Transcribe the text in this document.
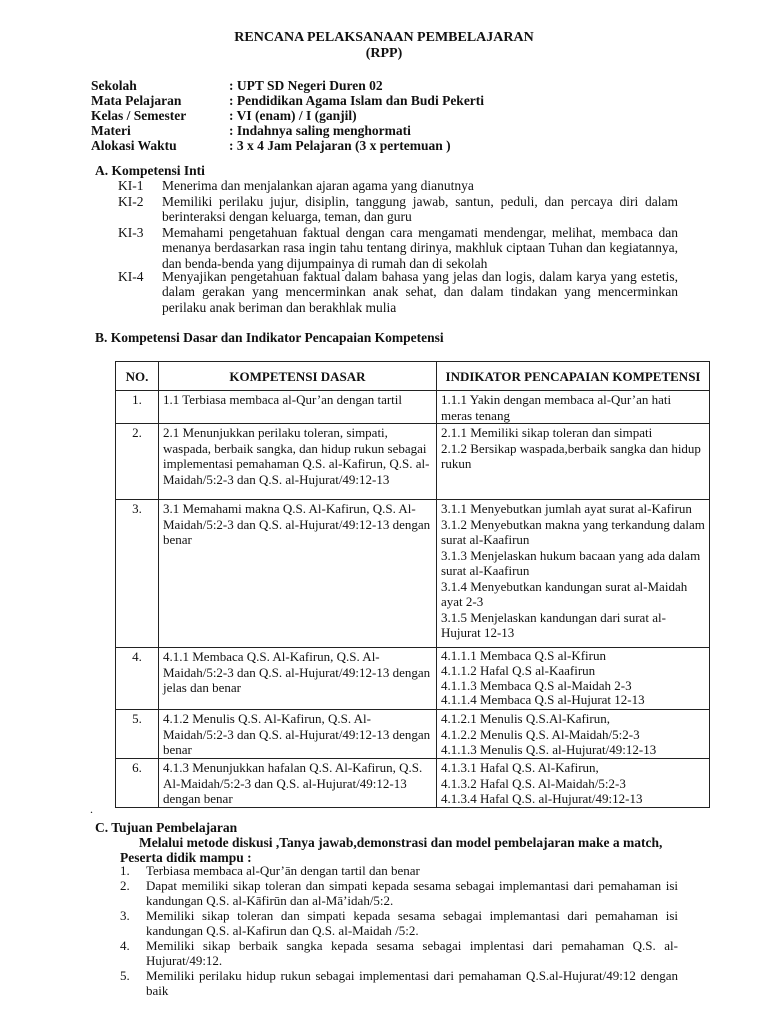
RENCANA PELAKSANAAN PEMBELAJARAN
(RPP)
Sekolah	: UPT SD Negeri Duren 02
Mata Pelajaran	: Pendidikan Agama Islam dan Budi Pekerti
Kelas / Semester	: VI (enam) / I (ganjil)
Materi	: Indahnya saling menghormati
Alokasi Waktu	: 3 x 4 Jam Pelajaran (3 x pertemuan )
A. Kompetensi Inti
KI-1 Menerima dan menjalankan ajaran agama yang dianutnya
KI-2 Memiliki perilaku jujur, disiplin, tanggung jawab, santun, peduli, dan percaya diri dalam berinteraksi dengan keluarga, teman, dan guru
KI-3 Memahami pengetahuan faktual dengan cara mengamati mendengar, melihat, membaca dan menanya berdasarkan rasa ingin tahu tentang dirinya, makhluk ciptaan Tuhan dan kegiatannya, dan benda-benda yang dijumpainya di rumah dan di sekolah
KI-4 Menyajikan pengetahuan faktual dalam bahasa yang jelas dan logis, dalam karya yang estetis, dalam gerakan yang mencerminkan anak sehat, dan dalam tindakan yang mencerminkan perilaku anak beriman dan berakhlak mulia
B. Kompetensi Dasar dan Indikator Pencapaian Kompetensi
NO.	KOMPETENSI DASAR	INDIKATOR PENCAPAIAN KOMPETENSI
1.	1.1 Terbiasa membaca al-Qur’an dengan tartil	1.1.1 Yakin dengan membaca al-Qur’an hati meras tenang

2.	2.1 Menunjukkan perilaku toleran, simpati, waspada, berbaik sangka, dan hidup rukun sebagai implementasi pemahaman Q.S. al-Kafirun, Q.S. al-Maidah/5:2-3 dan Q.S. al-Hujurat/49:12-13	2.1.1 Memiliki sikap toleran dan simpati
2.1.2 Bersikap waspada,berbaik sangka dan hidup rukun

3.	3.1 Memahami makna Q.S. Al-Kafirun, Q.S. Al-Maidah/5:2-3 dan Q.S. al-Hujurat/49:12-13 dengan benar	3.1.1 Menyebutkan jumlah ayat surat al-Kafirun
3.1.2 Menyebutkan makna yang terkandung dalam surat al-Kaafirun
3.1.3 Menjelaskan hukum bacaan yang ada dalam surat al-Kaafirun
3.1.4 Menyebutkan kandungan surat al-Maidah ayat 2-3
3.1.5 Menjelaskan kandungan dari surat al-Hujurat 12-13

4.	4.1.1 Membaca Q.S. Al-Kafirun, Q.S. Al-Maidah/5:2-3 dan Q.S. al-Hujurat/49:12-13 dengan jelas dan benar	4.1.1.1 Membaca Q.S al-Kfirun
4.1.1.2 Hafal Q.S al-Kaafirun
4.1.1.3 Membaca Q.S al-Maidah 2-3
4.1.1.4 Membaca Q.S al-Hujurat 12-13

5.	4.1.2 Menulis Q.S. Al-Kafirun, Q.S. Al-Maidah/5:2-3 dan Q.S. al-Hujurat/49:12-13 dengan benar	4.1.2.1 Menulis Q.S.Al-Kafirun,
4.1.2.2 Menulis Q.S. Al-Maidah/5:2-3
4.1.1.3 Menulis Q.S. al-Hujurat/49:12-13

6.	4.1.3 Menunjukkan hafalan Q.S. Al-Kafirun, Q.S. Al-Maidah/5:2-3 dan Q.S. al-Hujurat/49:12-13 dengan benar	4.1.3.1 Hafal Q.S. Al-Kafirun,
4.1.3.2 Hafal Q.S. Al-Maidah/5:2-3
4.1.3.4 Hafal Q.S. al-Hujurat/49:12-13
.
C. Tujuan Pembelajaran
Melalui metode diskusi ,Tanya jawab,demonstrasi dan model pembelajaran make a match,
Peserta didik mampu :
1. Terbiasa membaca al-Qur’ān dengan tartil dan benar
2. Dapat memiliki sikap toleran dan simpati kepada sesama sebagai implemantasi dari pemahaman isi kandungan Q.S. al-Kāfirūn dan al-Mā’idah/5:2.
3. Memiliki sikap toleran dan simpati kepada sesama sebagai implemantasi dari pemahaman isi kandungan Q.S. al-Kafirun dan Q.S. al-Maidah /5:2.
4. Memiliki sikap berbaik sangka kepada sesama sebagai implentasi dari pemahaman Q.S. al-Hujurat/49:12.
5. Memiliki perilaku hidup rukun sebagai implementasi dari pemahaman Q.S.al-Hujurat/49:12 dengan baik
